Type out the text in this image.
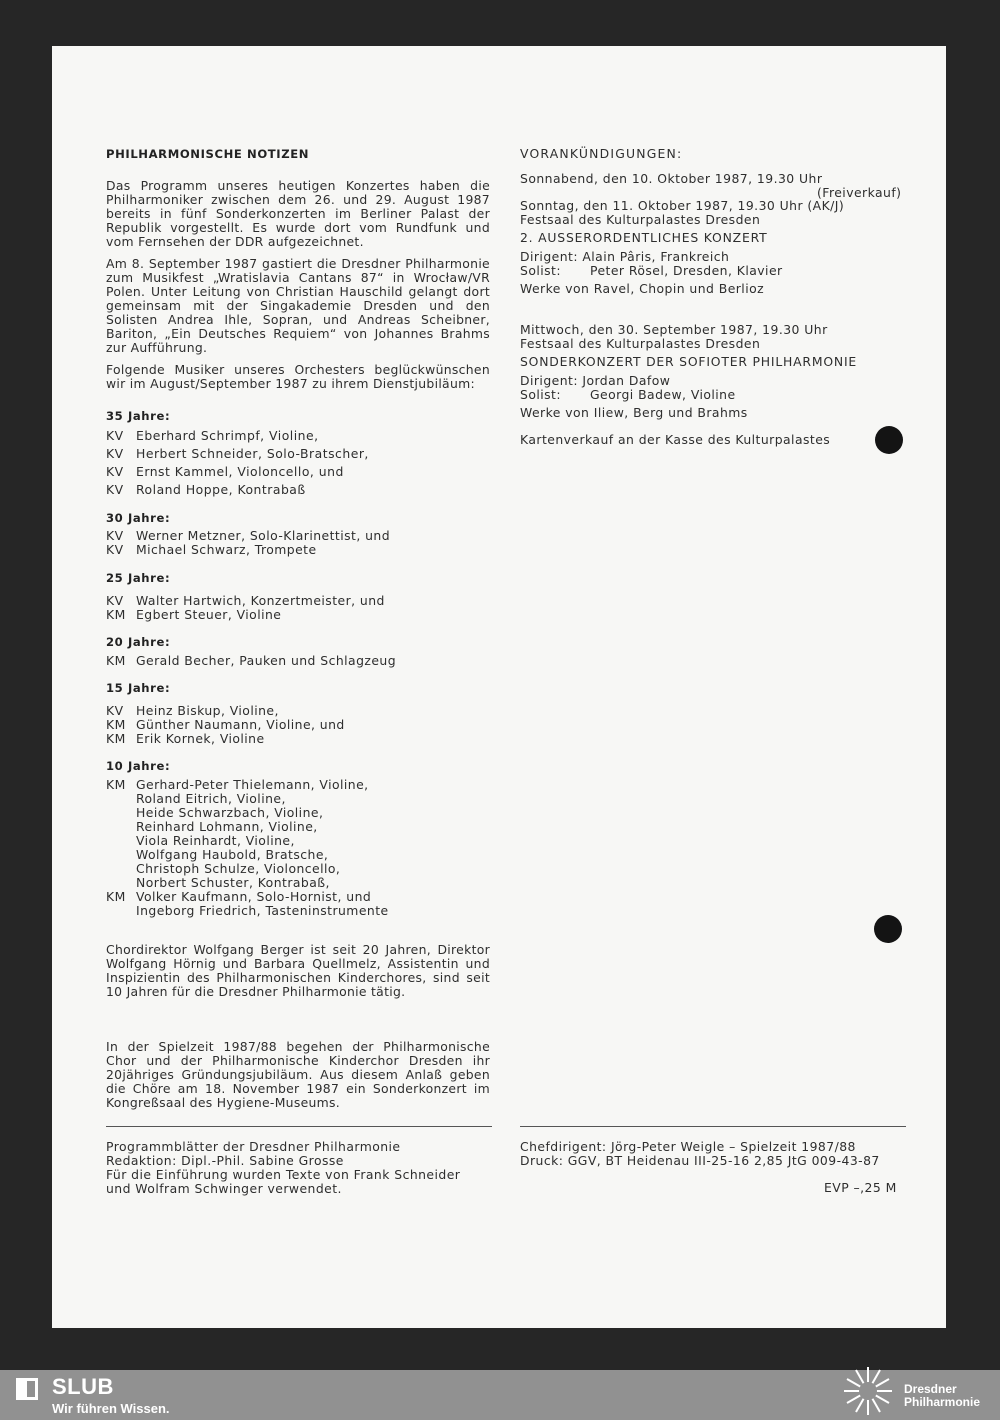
PHILHARMONISCHE NOTIZEN
Das Programm unseres heutigen Konzertes haben die Philharmoniker zwischen dem 26. und 29. August 1987 bereits in fünf Sonderkonzerten im Berliner Palast der Republik vorgestellt. Es wurde dort vom Rundfunk und vom Fernsehen der DDR aufgezeichnet.
Am 8. September 1987 gastiert die Dresdner Philharmonie zum Musikfest „Wratislavia Cantans 87“ in Wrocław/VR Polen. Unter Leitung von Christian Hauschild gelangt dort gemeinsam mit der Singakademie Dresden und den Solisten Andrea Ihle, Sopran, und Andreas Scheibner, Bariton, „Ein Deutsches Requiem“ von Johannes Brahms zur Aufführung.
Folgende Musiker unseres Orchesters beglückwünschen wir im August/September 1987 zu ihrem Dienstjubiläum:
35 Jahre:
KV Eberhard Schrimpf, Violine,
KV Herbert Schneider, Solo-Bratscher,
KV Ernst Kammel, Violoncello, und
KV Roland Hoppe, Kontrabaß
30 Jahre:
KV Werner Metzner, Solo-Klarinettist, und
KV Michael Schwarz, Trompete
25 Jahre:
KV Walter Hartwich, Konzertmeister, und
KM Egbert Steuer, Violine
20 Jahre:
KM Gerald Becher, Pauken und Schlagzeug
15 Jahre:
KV Heinz Biskup, Violine,
KM Günther Naumann, Violine, und
KM Erik Kornek, Violine
10 Jahre:
KM Gerhard-Peter Thielemann, Violine,
Roland Eitrich, Violine,
Heide Schwarzbach, Violine,
Reinhard Lohmann, Violine,
Viola Reinhardt, Violine,
Wolfgang Haubold, Bratsche,
Christoph Schulze, Violoncello,
Norbert Schuster, Kontrabaß,
KM Volker Kaufmann, Solo-Hornist, und
Ingeborg Friedrich, Tasteninstrumente
Chordirektor Wolfgang Berger ist seit 20 Jahren, Direktor Wolfgang Hörnig und Barbara Quellmelz, Assistentin und Inspizientin des Philharmonischen Kinderchores, sind seit 10 Jahren für die Dresdner Philharmonie tätig.
In der Spielzeit 1987/88 begehen der Philharmonische Chor und der Philharmonische Kinderchor Dresden ihr 20jähriges Gründungsjubiläum. Aus diesem Anlaß geben die Chöre am 18. November 1987 ein Sonderkonzert im Kongreßsaal des Hygiene-Museums.
VORANKÜNDIGUNGEN:
Sonnabend, den 10. Oktober 1987, 19.30 Uhr
(Freiverkauf)
Sonntag, den 11. Oktober 1987, 19.30 Uhr (AK/J)
Festsaal des Kulturpalastes Dresden
2. AUSSERORDENTLICHES KONZERT
Dirigent: Alain Pâris, Frankreich
Solist: Peter Rösel, Dresden, Klavier
Werke von Ravel, Chopin und Berlioz
Mittwoch, den 30. September 1987, 19.30 Uhr
Festsaal des Kulturpalastes Dresden
SONDERKONZERT DER SOFIOTER PHILHARMONIE
Dirigent: Jordan Dafow
Solist: Georgi Badew, Violine
Werke von Iliew, Berg und Brahms
Kartenverkauf an der Kasse des Kulturpalastes
Programmblätter der Dresdner Philharmonie
Redaktion: Dipl.-Phil. Sabine Grosse
Für die Einführung wurden Texte von Frank Schneider
und Wolfram Schwinger verwendet.
Chefdirigent: Jörg-Peter Weigle – Spielzeit 1987/88
Druck: GGV, BT Heidenau III-25-16 2,85 JtG 009-43-87
EVP –,25 M
SLUB
Wir führen Wissen.
Dresdner
Philharmonie
